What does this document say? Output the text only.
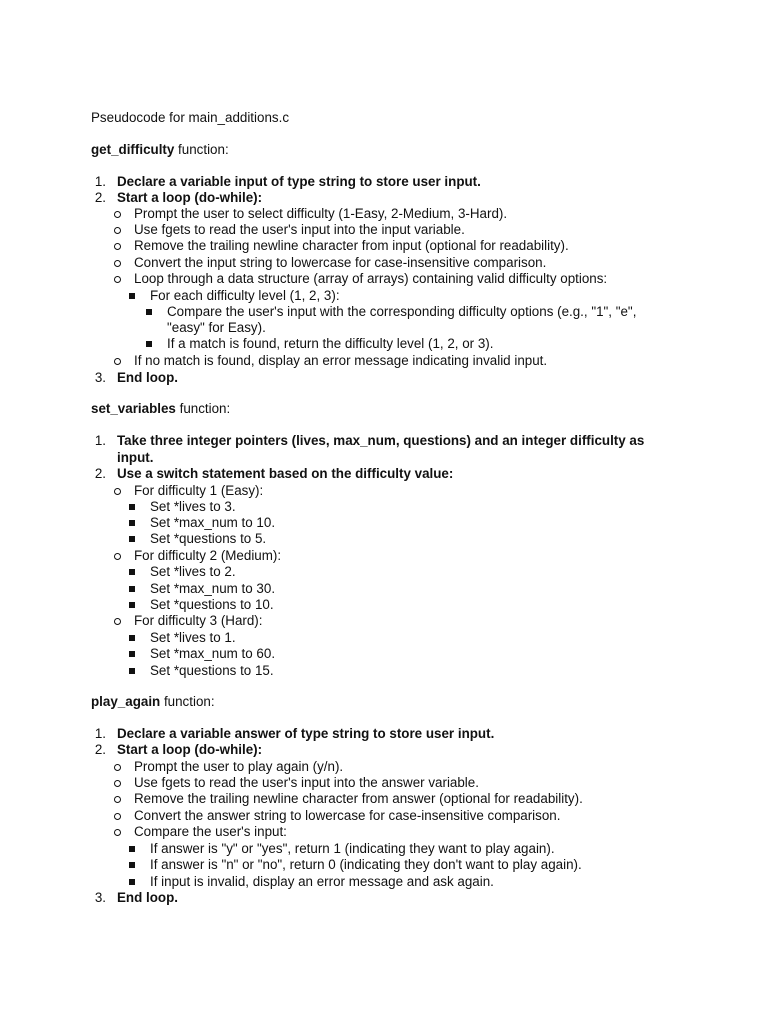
Pseudocode for main_additions.c
get_difficulty function:
1. Declare a variable input of type string to store user input.
2. Start a loop (do-while):
Prompt the user to select difficulty (1-Easy, 2-Medium, 3-Hard).
Use fgets to read the user's input into the input variable.
Remove the trailing newline character from input (optional for readability).
Convert the input string to lowercase for case-insensitive comparison.
Loop through a data structure (array of arrays) containing valid difficulty options:
For each difficulty level (1, 2, 3):
Compare the user's input with the corresponding difficulty options (e.g., "1", "e",
"easy" for Easy).
If a match is found, return the difficulty level (1, 2, or 3).
If no match is found, display an error message indicating invalid input.
3. End loop.
set_variables function:
1. Take three integer pointers (lives, max_num, questions) and an integer difficulty as
input.
2. Use a switch statement based on the difficulty value:
For difficulty 1 (Easy):
Set *lives to 3.
Set *max_num to 10.
Set *questions to 5.
For difficulty 2 (Medium):
Set *lives to 2.
Set *max_num to 30.
Set *questions to 10.
For difficulty 3 (Hard):
Set *lives to 1.
Set *max_num to 60.
Set *questions to 15.
play_again function:
1. Declare a variable answer of type string to store user input.
2. Start a loop (do-while):
Prompt the user to play again (y/n).
Use fgets to read the user's input into the answer variable.
Remove the trailing newline character from answer (optional for readability).
Convert the answer string to lowercase for case-insensitive comparison.
Compare the user's input:
If answer is "y" or "yes", return 1 (indicating they want to play again).
If answer is "n" or "no", return 0 (indicating they don't want to play again).
If input is invalid, display an error message and ask again.
3. End loop.
